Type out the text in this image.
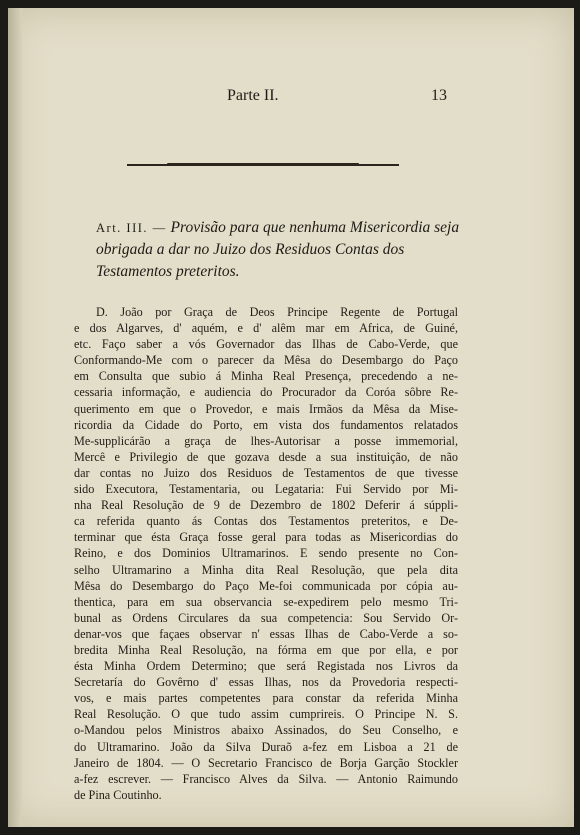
Parte II.	13
Art. III. — Provisão para que nenhuma Misericordia seja obrigada a dar no Juizo dos Residuos Contas dos Testamentos preteritos.
D. João por Graça de Deos Principe Regente de Portugal
e dos Algarves, d' aquém, e d' alêm mar em Africa, de Guiné,
etc. Faço saber a vós Governador das Ilhas de Cabo-Verde, que
Conformando-Me com o parecer da Mêsa do Desembargo do Paço
em Consulta que subio á Minha Real Presença, precedendo a ne-
cessaria informação, e audiencia do Procurador da Coróa sôbre Re-
querimento em que o Provedor, e mais Irmãos da Mêsa da Mise-
ricordia da Cidade do Porto, em vista dos fundamentos relatados
Me-supplicárão a graça de lhes-Autorisar a posse immemorial,
Mercê e Privilegio de que gozava desde a sua instituição, de não
dar contas no Juizo dos Residuos de Testamentos de que tivesse
sido Executora, Testamentaria, ou Legataria: Fui Servido por Mi-
nha Real Resolução de 9 de Dezembro de 1802 Deferir á súppli-
ca referida quanto ás Contas dos Testamentos preteritos, e De-
terminar que ésta Graça fosse geral para todas as Misericordias do
Reino, e dos Dominios Ultramarinos. E sendo presente no Con-
selho Ultramarino a Minha dita Real Resolução, que pela dita
Mêsa do Desembargo do Paço Me-foi communicada por cópia au-
thentica, para em sua observancia se-expedirem pelo mesmo Tri-
bunal as Ordens Circulares da sua competencia: Sou Servido Or-
denar-vos que façaes observar n' essas Ilhas de Cabo-Verde a so-
bredita Minha Real Resolução, na fórma em que por ella, e por
ésta Minha Ordem Determino; que será Registada nos Livros da
Secretaría do Govêrno d' essas Ilhas, nos da Provedoria respecti-
vos, e mais partes competentes para constar da referida Minha
Real Resolução. O que tudo assim cumprireis. O Principe N. S.
o-Mandou pelos Ministros abaixo Assinados, do Seu Conselho, e
do Ultramarino. João da Silva Duraõ a-fez em Lisboa a 21 de
Janeiro de 1804. — O Secretario Francisco de Borja Garção Stockler
a-fez escrever. — Francisco Alves da Silva. — Antonio Raimundo
de Pina Coutinho.
